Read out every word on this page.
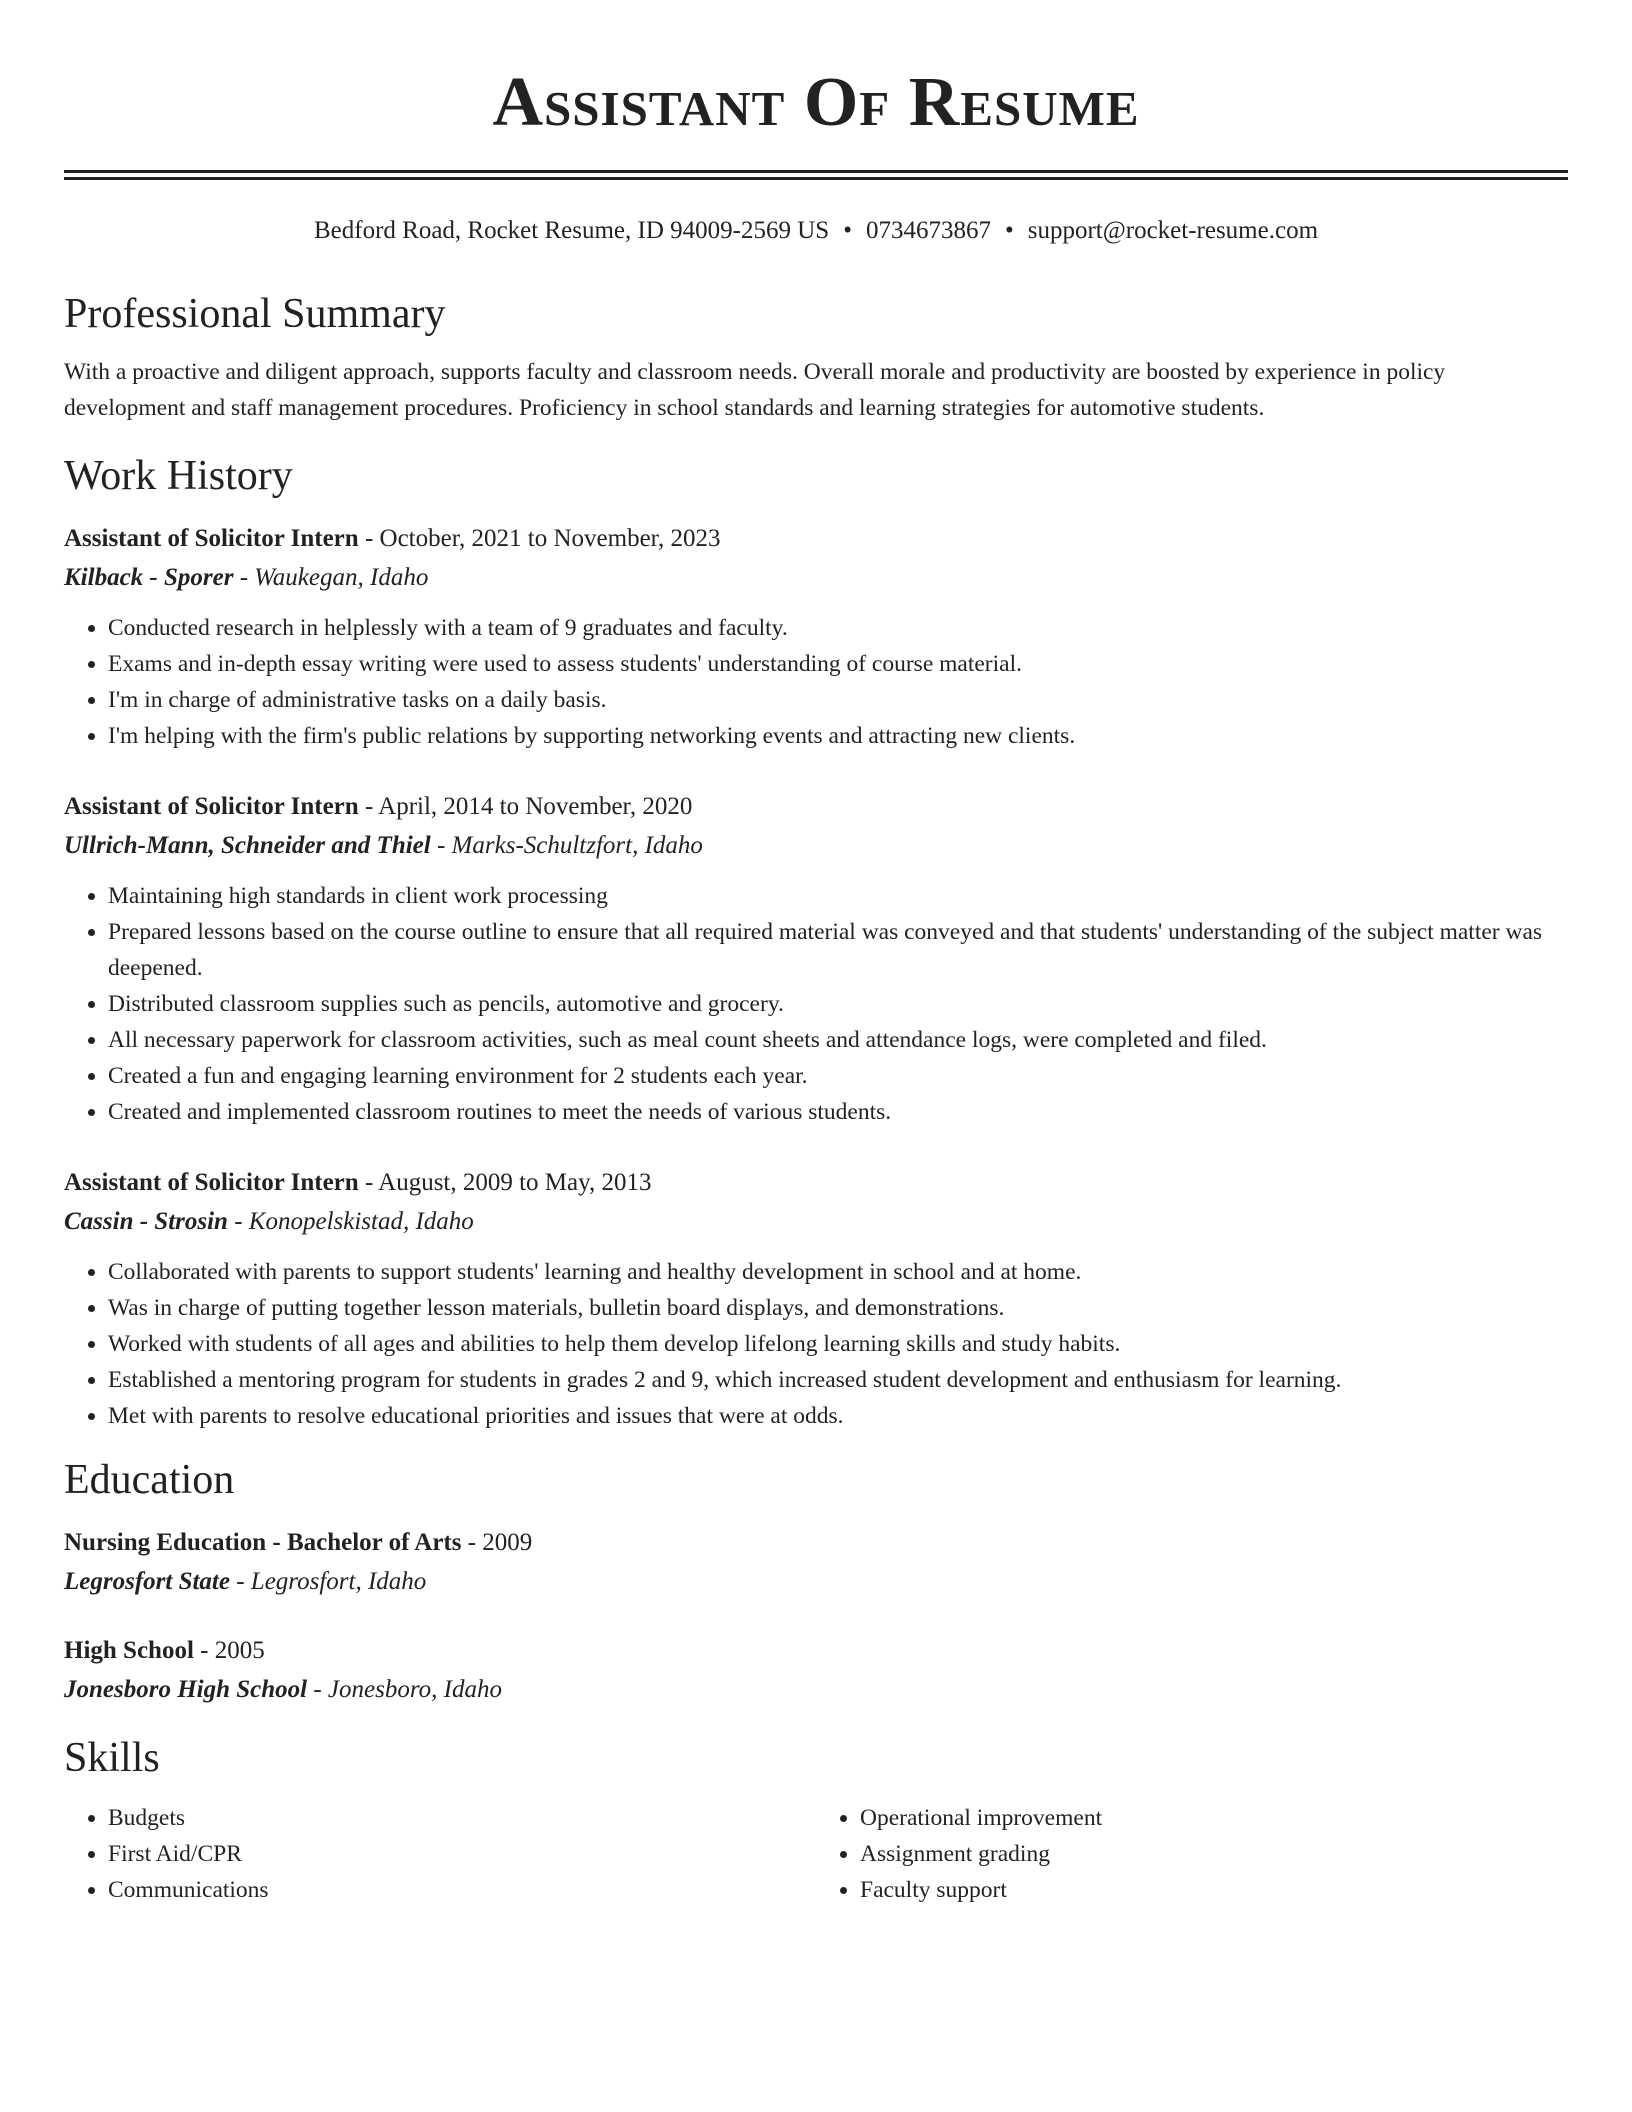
Assistant Of Resume
Bedford Road, Rocket Resume, ID 94009-2569 US • 0734673867 • support@rocket-resume.com
Professional Summary

With a proactive and diligent approach, supports faculty and classroom needs. Overall morale and productivity are boosted by experience in policy development and staff management procedures. Proficiency in school standards and learning strategies for automotive students.

Work History
Assistant of Solicitor Intern - October, 2021 to November, 2023
Kilback - Sporer - Waukegan, Idaho
• Conducted research in helplessly with a team of 9 graduates and faculty.
• Exams and in-depth essay writing were used to assess students' understanding of course material.
• I'm in charge of administrative tasks on a daily basis.
• I'm helping with the firm's public relations by supporting networking events and attracting new clients.
Assistant of Solicitor Intern - April, 2014 to November, 2020
Ullrich-Mann, Schneider and Thiel - Marks-Schultzfort, Idaho
• Maintaining high standards in client work processing
• Prepared lessons based on the course outline to ensure that all required material was conveyed and that students' understanding of the subject matter was deepened.
• Distributed classroom supplies such as pencils, automotive and grocery.
• All necessary paperwork for classroom activities, such as meal count sheets and attendance logs, were completed and filed.
• Created a fun and engaging learning environment for 2 students each year.
• Created and implemented classroom routines to meet the needs of various students.
Assistant of Solicitor Intern - August, 2009 to May, 2013
Cassin - Strosin - Konopelskistad, Idaho
• Collaborated with parents to support students' learning and healthy development in school and at home.
• Was in charge of putting together lesson materials, bulletin board displays, and demonstrations.
• Worked with students of all ages and abilities to help them develop lifelong learning skills and study habits.
• Established a mentoring program for students in grades 2 and 9, which increased student development and enthusiasm for learning.
• Met with parents to resolve educational priorities and issues that were at odds.
Education
Nursing Education - Bachelor of Arts - 2009
Legrosfort State - Legrosfort, Idaho
High School - 2005
Jonesboro High School - Jonesboro, Idaho
Skills
• Budgets
• First Aid/CPR
• Communications
• Operational improvement
• Assignment grading
• Faculty support
